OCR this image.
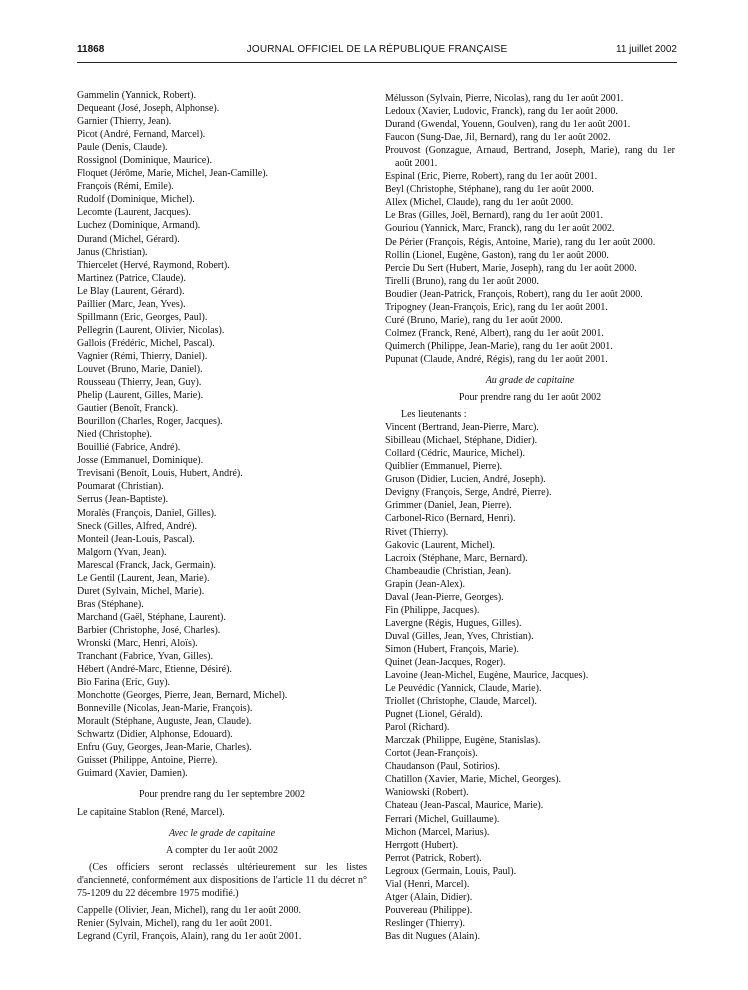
11868	JOURNAL OFFICIEL DE LA RÉPUBLIQUE FRANÇAISE	11 juillet 2002

Gammelin (Yannick, Robert).

Dequeant (José, Joseph, Alphonse).

Garnier (Thierry, Jean).

Picot (André, Fernand, Marcel).

Paule (Denis, Claude).

Rossignol (Dominique, Maurice).

Floquet (Jérôme, Marie, Michel, Jean-Camille).

François (Rémi, Emile).

Rudolf (Dominique, Michel).

Lecomte (Laurent, Jacques).

Luchez (Dominique, Armand).

Durand (Michel, Gérard).

Janus (Christian).

Thiercelet (Hervé, Raymond, Robert).

Martinez (Patrice, Claude).

Le Blay (Laurent, Gérard).

Paillier (Marc, Jean, Yves).

Spillmann (Eric, Georges, Paul).

Pellegrin (Laurent, Olivier, Nicolas).

Gallois (Frédéric, Michel, Pascal).

Vagnier (Rémi, Thierry, Daniel).

Louvet (Bruno, Marie, Daniel).

Rousseau (Thierry, Jean, Guy).

Phelip (Laurent, Gilles, Marie).

Gautier (Benoît, Franck).

Bourillon (Charles, Roger, Jacques).

Nied (Christophe).

Bouillié (Fabrice, André).

Josse (Emmanuel, Dominique).

Trevisani (Benoît, Louis, Hubert, André).

Poumarat (Christian).

Serrus (Jean-Baptiste).

Moralès (François, Daniel, Gilles).

Sneck (Gilles, Alfred, André).

Monteil (Jean-Louis, Pascal).

Malgorn (Yvan, Jean).

Marescal (Franck, Jack, Germain).

Le Gentil (Laurent, Jean, Marie).

Duret (Sylvain, Michel, Marie).

Bras (Stéphane).

Marchand (Gaël, Stéphane, Laurent).

Barbier (Christophe, José, Charles).

Wronski (Marc, Henri, Aloïs).

Tranchant (Fabrice, Yvan, Gilles).

Hébert (André-Marc, Etienne, Désiré).

Bio Farina (Eric, Guy).

Monchotte (Georges, Pierre, Jean, Bernard, Michel).

Bonneville (Nicolas, Jean-Marie, François).

Morault (Stéphane, Auguste, Jean, Claude).

Schwartz (Didier, Alphonse, Edouard).

Enfru (Guy, Georges, Jean-Marie, Charles).

Guisset (Philippe, Antoine, Pierre).

Guimard (Xavier, Damien).

Pour prendre rang du 1er septembre 2002

Le capitaine Stablon (René, Marcel).

Avec le grade de capitaine

A compter du 1er août 2002

(Ces officiers seront reclassés ultérieurement sur les listes d'ancienneté, conformément aux dispositions de l'article 11 du décret n° 75-1209 du 22 décembre 1975 modifié.)

Cappelle (Olivier, Jean, Michel), rang du 1er août 2000.

Renier (Sylvain, Michel), rang du 1er août 2001.

Legrand (Cyril, François, Alain), rang du 1er août 2001.

Mélusson (Sylvain, Pierre, Nicolas), rang du 1er août 2001.

Ledoux (Xavier, Ludovic, Franck), rang du 1er août 2000.

Durand (Gwendal, Youenn, Goulven), rang du 1er août 2001.

Faucon (Sung-Dae, Jil, Bernard), rang du 1er août 2002.

Prouvost (Gonzague, Arnaud, Bertrand, Joseph, Marie), rang du 1er août 2001.

Espinal (Eric, Pierre, Robert), rang du 1er août 2001.

Beyl (Christophe, Stéphane), rang du 1er août 2000.

Allex (Michel, Claude), rang du 1er août 2000.

Le Bras (Gilles, Joël, Bernard), rang du 1er août 2001.

Gouriou (Yannick, Marc, Franck), rang du 1er août 2002.

De Périer (François, Régis, Antoine, Marie), rang du 1er août 2000.

Rollin (Lionel, Eugène, Gaston), rang du 1er août 2000.

Percie Du Sert (Hubert, Marie, Joseph), rang du 1er août 2000.

Tirelli (Bruno), rang du 1er août 2000.

Boudier (Jean-Patrick, François, Robert), rang du 1er août 2000.

Tripogney (Jean-François, Eric), rang du 1er août 2001.

Curé (Bruno, Marie), rang du 1er août 2000.

Colmez (Franck, René, Albert), rang du 1er août 2001.

Quimerch (Philippe, Jean-Marie), rang du 1er août 2001.

Pupunat (Claude, André, Régis), rang du 1er août 2001.

Au grade de capitaine

Pour prendre rang du 1er août 2002

Les lieutenants :

Vincent (Bertrand, Jean-Pierre, Marc).

Sibilleau (Michael, Stéphane, Didier).

Collard (Cédric, Maurice, Michel).

Quiblier (Emmanuel, Pierre).

Gruson (Didier, Lucien, André, Joseph).

Devigny (François, Serge, André, Pierre).

Grimmer (Daniel, Jean, Pierre).

Carbonel-Rico (Bernard, Henri).

Rivet (Thierry).

Gakovic (Laurent, Michel).

Lacroix (Stéphane, Marc, Bernard).

Chambeaudie (Christian, Jean).

Grapin (Jean-Alex).

Daval (Jean-Pierre, Georges).

Fin (Philippe, Jacques).

Lavergne (Régis, Hugues, Gilles).

Duval (Gilles, Jean, Yves, Christian).

Simon (Hubert, François, Marie).

Quinet (Jean-Jacques, Roger).

Lavoine (Jean-Michel, Eugène, Maurice, Jacques).

Le Peuvédic (Yannick, Claude, Marie).

Triollet (Christophe, Claude, Marcel).

Pugnet (Lionel, Gérald).

Parol (Richard).

Marczak (Philippe, Eugène, Stanislas).

Cortot (Jean-François).

Chaudanson (Paul, Sotirios).

Chatillon (Xavier, Marie, Michel, Georges).

Waniowski (Robert).

Chateau (Jean-Pascal, Maurice, Marie).

Ferrari (Michel, Guillaume).

Michon (Marcel, Marius).

Herrgott (Hubert).

Perrot (Patrick, Robert).

Legroux (Germain, Louis, Paul).

Vial (Henri, Marcel).

Atger (Alain, Didier).

Pouvereau (Philippe).

Reslinger (Thierry).

Bas dit Nugues (Alain).
